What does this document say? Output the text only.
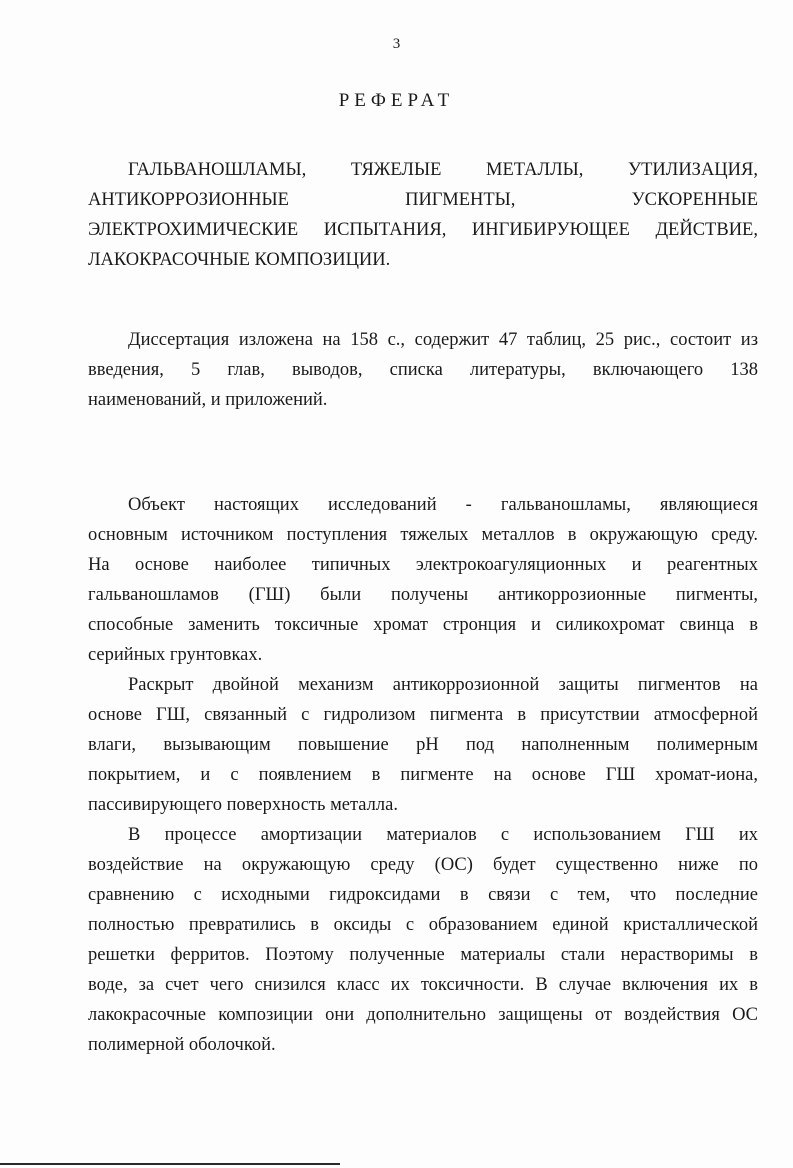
3
РЕФЕРАТ
ГАЛЬВАНОШЛАМЫ, ТЯЖЕЛЫЕ МЕТАЛЛЫ, УТИЛИЗАЦИЯ,
АНТИКОРРОЗИОННЫЕ ПИГМЕНТЫ, УСКОРЕННЫЕ
ЭЛЕКТРОХИМИЧЕСКИЕ ИСПЫТАНИЯ, ИНГИБИРУЮЩЕЕ ДЕЙСТВИЕ,
ЛАКОКРАСОЧНЫЕ КОМПОЗИЦИИ.
Диссертация изложена на 158 с., содержит 47 таблиц, 25 рис., состоит из
введения, 5 глав, выводов, списка литературы, включающего 138
наименований, и приложений.
Объект настоящих исследований - гальваношламы, являющиеся
основным источником поступления тяжелых металлов в окружающую среду.
На основе наиболее типичных электрокоагуляционных и реагентных
гальваношламов (ГШ) были получены антикоррозионные пигменты,
способные заменить токсичные хромат стронция и силикохромат свинца в
серийных грунтовках.
Раскрыт двойной механизм антикоррозионной защиты пигментов на
основе ГШ, связанный с гидролизом пигмента в присутствии атмосферной
влаги, вызывающим повышение pH под наполненным полимерным
покрытием, и с появлением в пигменте на основе ГШ хромат-иона,
пассивирующего поверхность металла.
В процессе амортизации материалов с использованием ГШ их
воздействие на окружающую среду (ОС) будет существенно ниже по
сравнению с исходными гидроксидами в связи с тем, что последние
полностью превратились в оксиды с образованием единой кристаллической
решетки ферритов. Поэтому полученные материалы стали нерастворимы в
воде, за счет чего снизился класс их токсичности. В случае включения их в
лакокрасочные композиции они дополнительно защищены от воздействия ОС
полимерной оболочкой.
